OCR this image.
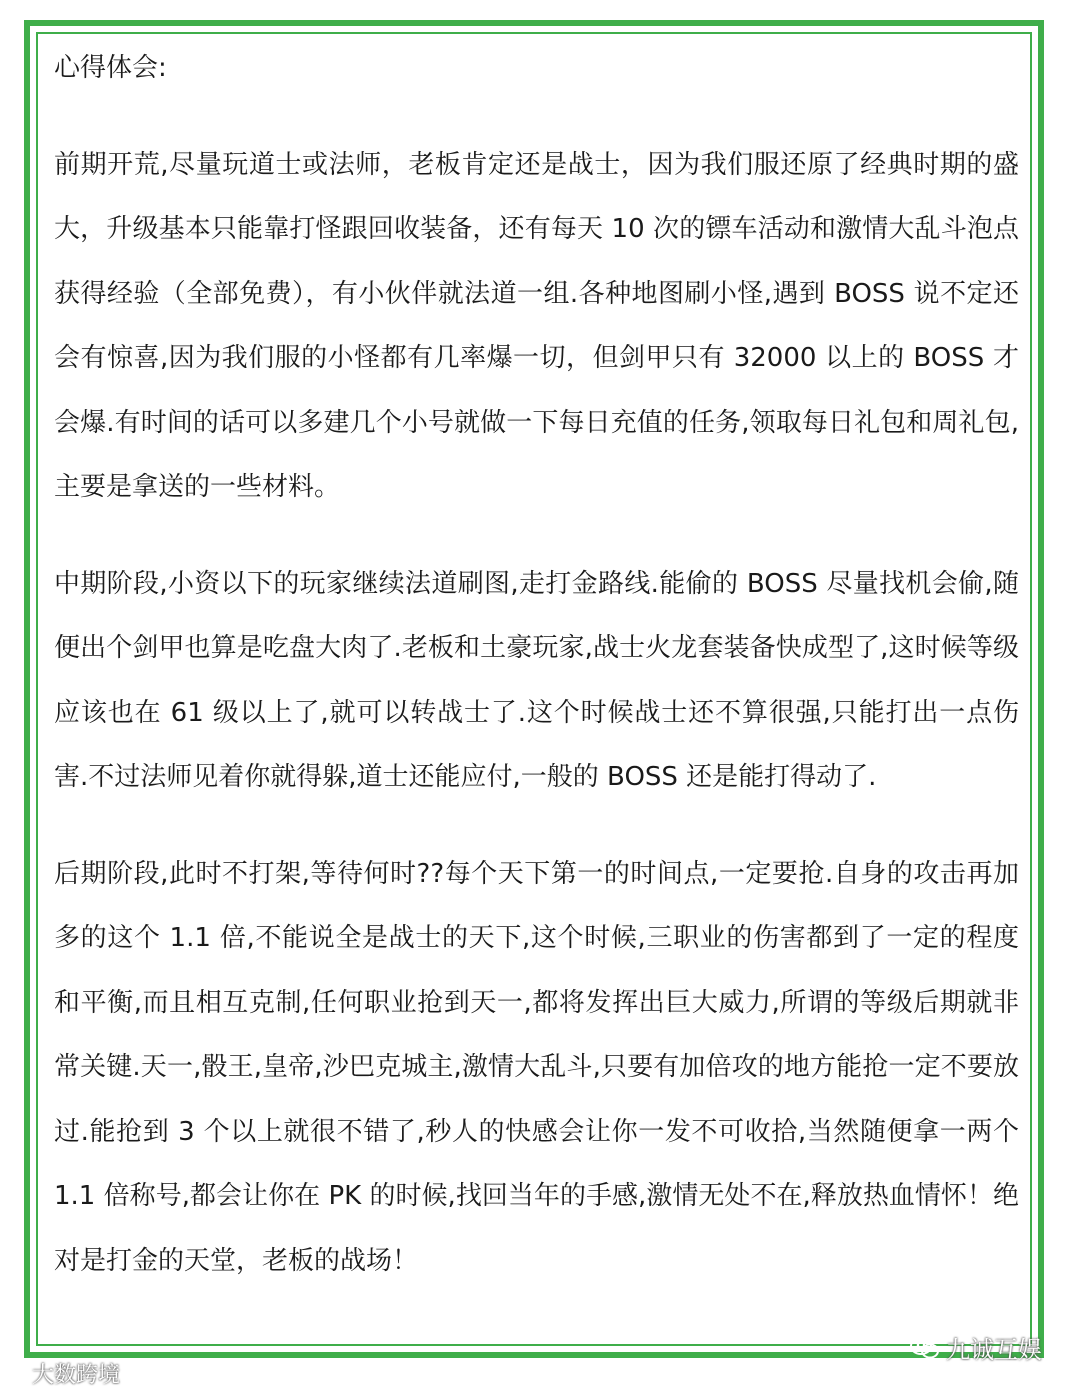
心得体会:
前期开荒,尽量玩道士或法师，老板肯定还是战士，因为我们服还原了经典时期的盛大，升级基本只能靠打怪跟回收装备，还有每天 10 次的镖车活动和激情大乱斗泡点获得经验（全部免费），有小伙伴就法道一组.各种地图刷小怪,遇到 BOSS 说不定还会有惊喜,因为我们服的小怪都有几率爆一切，但剑甲只有 32000 以上的 BOSS 才会爆.有时间的话可以多建几个小号就做一下每日充值的任务,领取每日礼包和周礼包,主要是拿送的一些材料。
中期阶段,小资以下的玩家继续法道刷图,走打金路线.能偷的 BOSS 尽量找机会偷,随便出个剑甲也算是吃盘大肉了.老板和土豪玩家,战士火龙套装备快成型了,这时候等级应该也在 61 级以上了,就可以转战士了.这个时候战士还不算很强,只能打出一点伤害.不过法师见着你就得躲,道士还能应付,一般的 BOSS 还是能打得动了.
后期阶段,此时不打架,等待何时??每个天下第一的时间点,一定要抢.自身的攻击再加多的这个 1.1 倍,不能说全是战士的天下,这个时候,三职业的伤害都到了一定的程度和平衡,而且相互克制,任何职业抢到天一,都将发挥出巨大威力,所谓的等级后期就非常关键.天一,骰王,皇帝,沙巴克城主,激情大乱斗,只要有加倍攻的地方能抢一定不要放过.能抢到 3 个以上就很不错了,秒人的快感会让你一发不可收拾,当然随便拿一两个 1.1 倍称号,都会让你在 PK 的时候,找回当年的手感,激情无处不在,释放热血情怀！绝对是打金的天堂，老板的战场！
大数跨境
九诚互娱
